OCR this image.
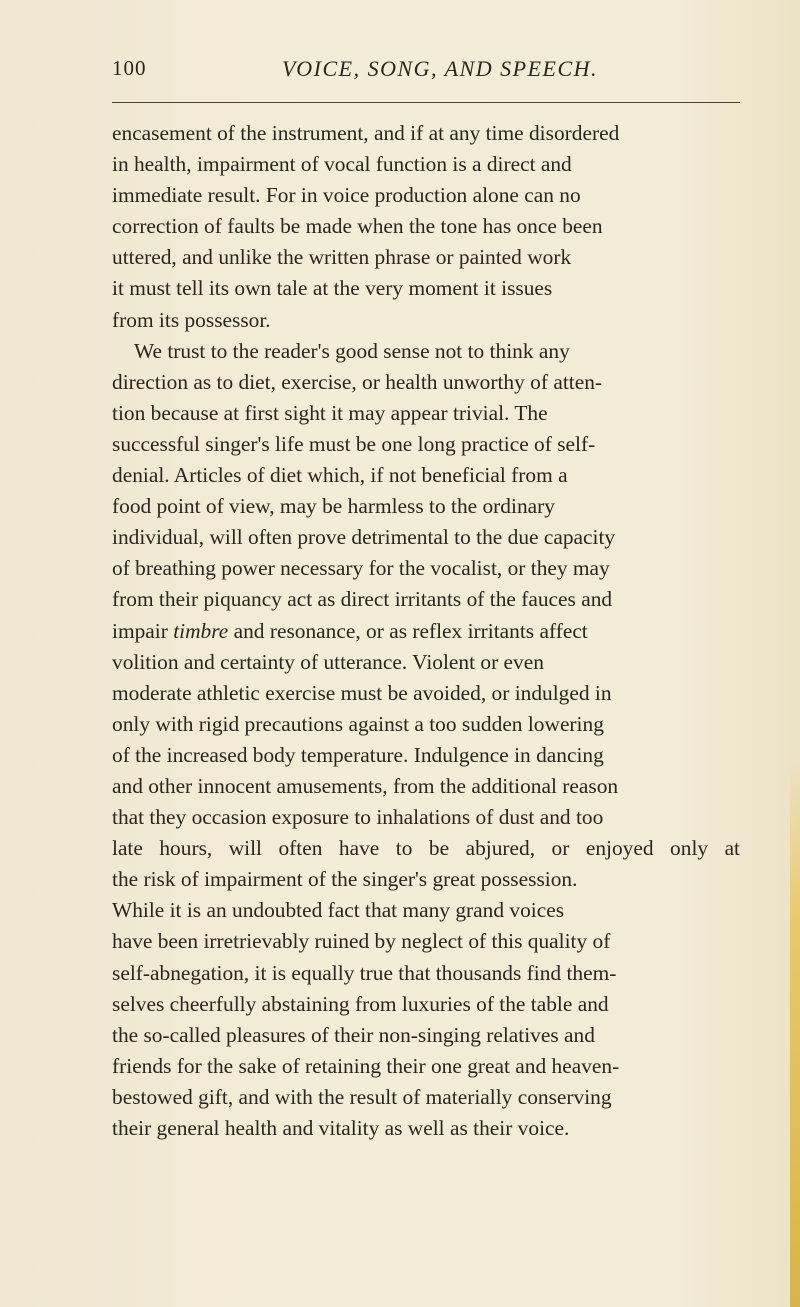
100	VOICE, SONG, AND SPEECH.
encasement of the instrument, and if at any time disordered
in health, impairment of vocal function is a direct and
immediate result. For in voice production alone can no
correction of faults be made when the tone has once been
uttered, and unlike the written phrase or painted work
it must tell its own tale at the very moment it issues
from its possessor.
We trust to the reader's good sense not to think any
direction as to diet, exercise, or health unworthy of atten-
tion because at first sight it may appear trivial. The
successful singer's life must be one long practice of self-
denial. Articles of diet which, if not beneficial from a
food point of view, may be harmless to the ordinary
individual, will often prove detrimental to the due capacity
of breathing power necessary for the vocalist, or they may
from their piquancy act as direct irritants of the fauces and
impair timbre and resonance, or as reflex irritants affect
volition and certainty of utterance. Violent or even
moderate athletic exercise must be avoided, or indulged in
only with rigid precautions against a too sudden lowering
of the increased body temperature. Indulgence in dancing
and other innocent amusements, from the additional reason
that they occasion exposure to inhalations of dust and too
late hours, will often have to be abjured, or enjoyed only at
the risk of impairment of the singer's great possession.
While it is an undoubted fact that many grand voices
have been irretrievably ruined by neglect of this quality of
self-abnegation, it is equally true that thousands find them-
selves cheerfully abstaining from luxuries of the table and
the so-called pleasures of their non-singing relatives and
friends for the sake of retaining their one great and heaven-
bestowed gift, and with the result of materially conserving
their general health and vitality as well as their voice.
